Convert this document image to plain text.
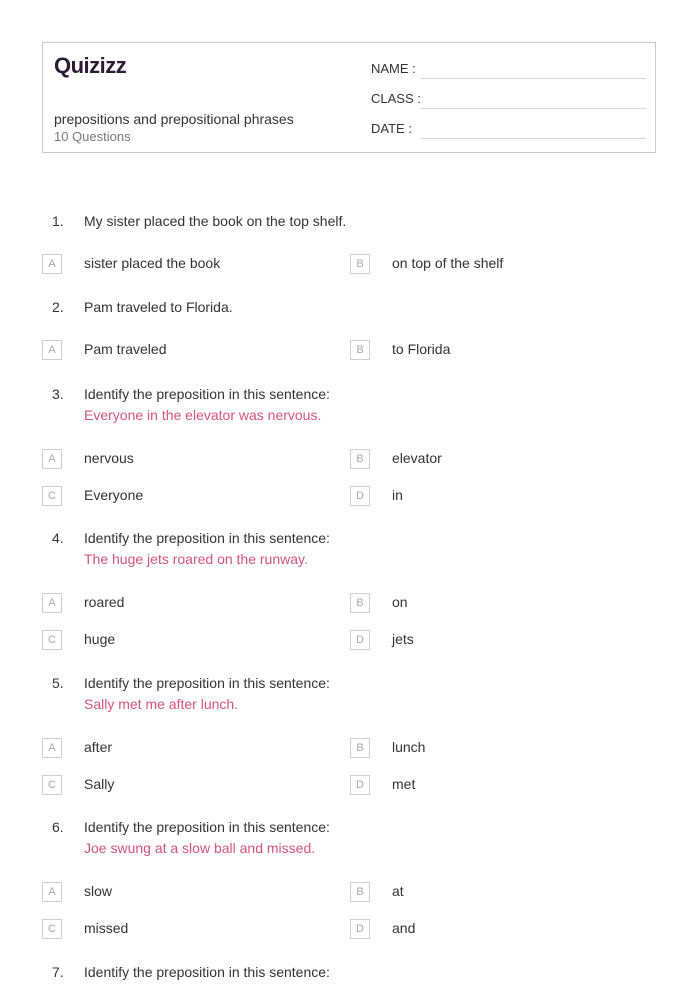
Quizizz
prepositions and prepositional phrases
10 Questions
NAME :
CLASS :
DATE :
1.	My sister placed the book on the top shelf.
A	sister placed the book	B	on top of the shelf
2.	Pam traveled to Florida.
A	Pam traveled	B	to Florida
3.	Identify the preposition in this sentence:
Everyone in the elevator was nervous.
A	nervous	B	elevator
C	Everyone	D	in
4.	Identify the preposition in this sentence:
The huge jets roared on the runway.
A	roared	B	on
C	huge	D	jets
5.	Identify the preposition in this sentence:
Sally met me after lunch.
A	after	B	lunch
C	Sally	D	met
6.	Identify the preposition in this sentence:
Joe swung at a slow ball and missed.
A	slow	B	at
C	missed	D	and
7.	Identify the preposition in this sentence:
